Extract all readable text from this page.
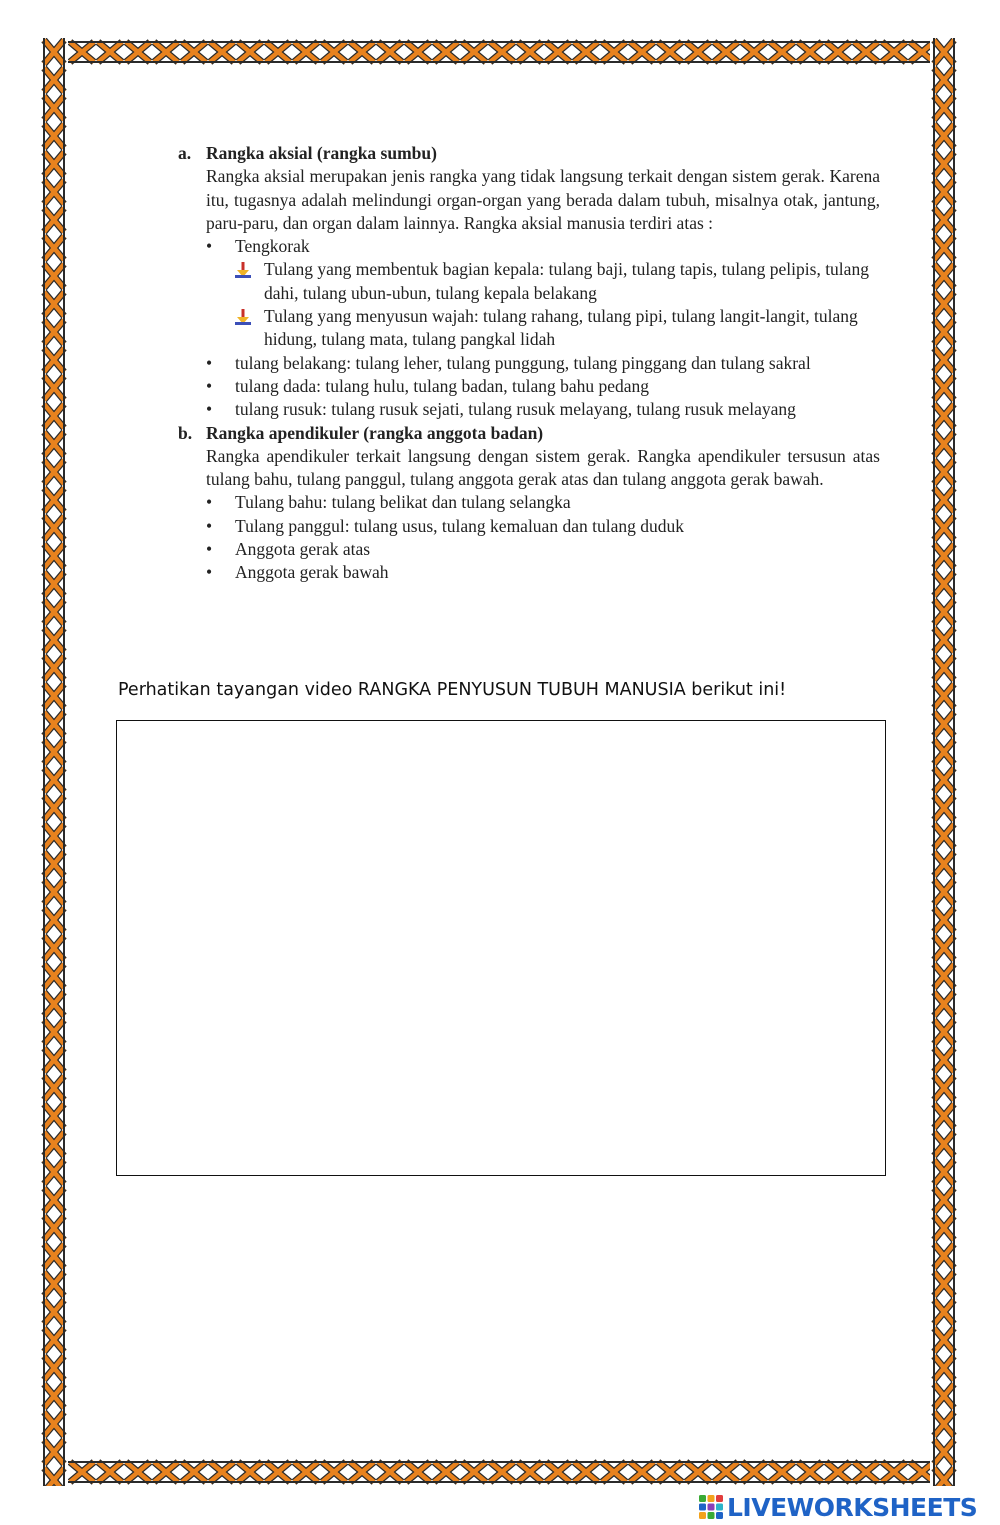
a. Rangka aksial (rangka sumbu)
Rangka aksial merupakan jenis rangka yang tidak langsung terkait dengan sistem gerak. Karena itu, tugasnya adalah melindungi organ-organ yang berada dalam tubuh, misalnya otak, jantung, paru-paru, dan organ dalam lainnya. Rangka aksial manusia terdiri atas :
• Tengkorak
Tulang yang membentuk bagian kepala: tulang baji, tulang tapis, tulang pelipis, tulang dahi, tulang ubun-ubun, tulang kepala belakang
Tulang yang menyusun wajah: tulang rahang, tulang pipi, tulang langit-langit, tulang hidung, tulang mata, tulang pangkal lidah
• tulang belakang: tulang leher, tulang punggung, tulang pinggang dan tulang sakral
• tulang dada: tulang hulu, tulang badan, tulang bahu pedang
• tulang rusuk: tulang rusuk sejati, tulang rusuk melayang, tulang rusuk melayang
b. Rangka apendikuler (rangka anggota badan)
Rangka apendikuler terkait langsung dengan sistem gerak. Rangka apendikuler tersusun atas tulang bahu, tulang panggul, tulang anggota gerak atas dan tulang anggota gerak bawah.
• Tulang bahu: tulang belikat dan tulang selangka
• Tulang panggul: tulang usus, tulang kemaluan dan tulang duduk
• Anggota gerak atas
• Anggota gerak bawah
Perhatikan tayangan video RANGKA PENYUSUN TUBUH MANUSIA berikut ini!
LIVEWORKSHEETS
